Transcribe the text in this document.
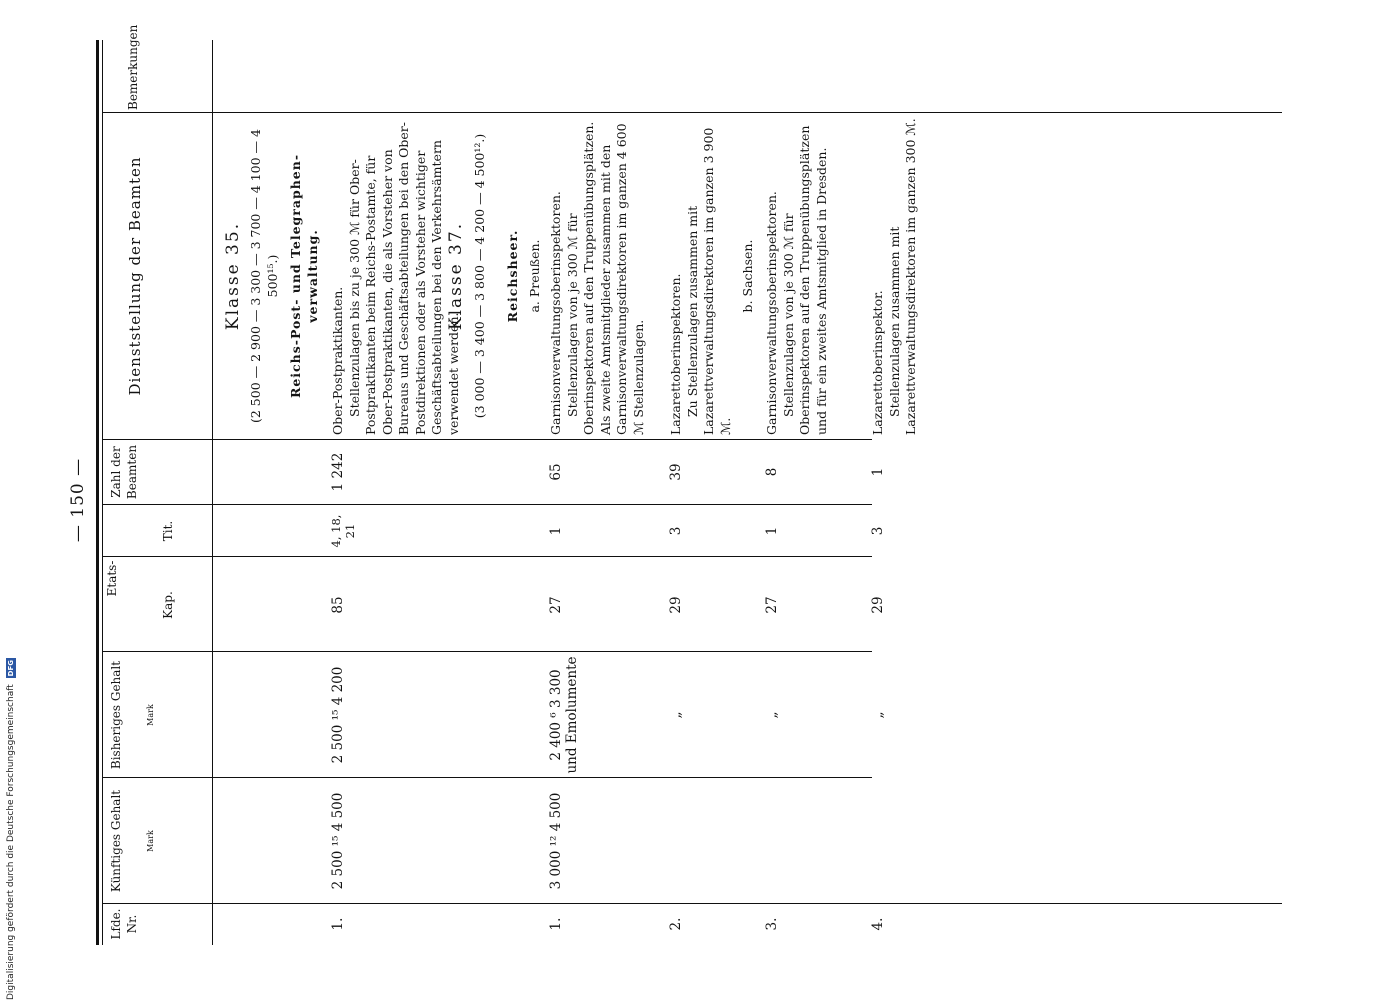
— 150 —
Lfde. Nr.
Künftiges Gehalt	Mark
Bisheriges Gehalt	Mark
Etats-
Kap.
Tit.
Zahl der Beamten
Dienststellung der Beamten
Bemerkungen
Klasse 35. (2 500 — 2 900 — 3 300 — 3 700 — 4 100 — 4 500¹⁵.) Reichs-Post- und Telegraphen-verwaltung.
1.
2 500 ¹⁵ 4 500
2 500 ¹⁵ 4 200
85
4, 18, 21
1 242

Ober-Postpraktikanten. Stellenzulagen bis zu je 300 ℳ für Ober-Postpraktikanten beim Reichs-Postamte, für Ober-Postpraktikanten, die als Vorsteher von Bureaus und Geschäftsabteilungen bei den Ober-Postdirektionen oder als Vorsteher wichtiger Geschäftsabteilungen bei den Verkehrsämtern verwendet werden.

Klasse 37. (3 000 — 3 400 — 3 800 — 4 200 — 4 500¹².) Reichsheer. a. Preußen.
1.
3 000 ¹² 4 500
2 400 ⁶ 3 300 und Emolumente
27
1
65

Garnisonverwaltungsoberinspektoren. Stellenzulagen von je 300 ℳ für Oberinspektoren auf den Truppenübungsplätzen. Als zweite Amtsmitglieder zusammen mit den Garnisonverwaltungsdirektoren im ganzen 4 600 ℳ Stellenzulagen.

2.
„
29
3
39

Lazarettoberinspektoren. Zu Stellenzulagen zusammen mit Lazarettverwaltungsdirektoren im ganzen 3 900 ℳ.

b. Sachsen.
3.
„
27
1
8

Garnisonverwaltungsoberinspektoren. Stellenzulagen von je 300 ℳ für Oberinspektoren auf den Truppenübungsplätzen und für ein zweites Amtsmitglied in Dresden.

4.
„
29
3
1

Lazarettoberinspektor. Stellenzulagen zusammen mit Lazarettverwaltungsdirektoren im ganzen 300 ℳ.

Digitalisierung gefördert durch die Deutsche Forschungsgemeinschaft DFG
